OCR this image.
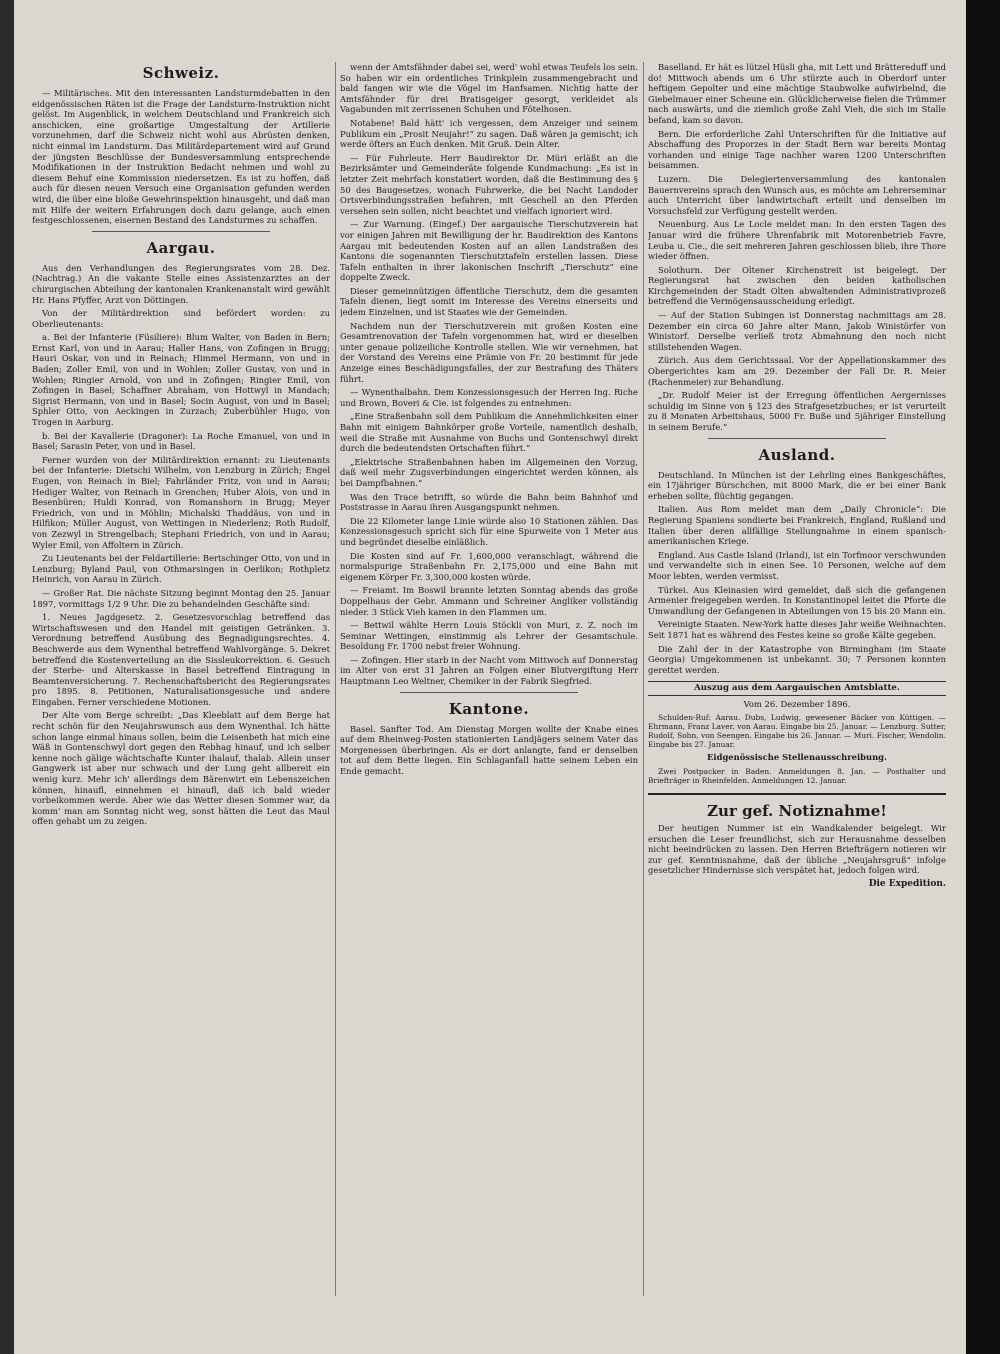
Schweiz.

— Militärisches. Mit den interessanten Landsturmdebatten in den eidgenössischen Räten ist die Frage der Landsturm-Instruktion nicht gelöst. Im Augenblick, in welchem Deutschland und Frankreich sich anschicken, eine großartige Umgestaltung der Artillerie vorzunehmen, darf die Schweiz nicht wohl aus Abrüsten denken, nicht einmal im Landsturm. Das Militärdepartement wird auf Grund der jüngsten Beschlüsse der Bundesversammlung entsprechende Modifikationen in der Instruktion Bedacht nehmen und wohl zu diesem Behuf eine Kommission niedersetzen. Es ist zu hoffen, daß auch für diesen neuen Versuch eine Organisation gefunden werden wird, die über eine bloße Gewehrinspektion hinausgeht, und daß man mit Hilfe der weitern Erfahrungen doch dazu gelange, auch einen festgeschlossenen, eisernen Bestand des Landsturmes zu schaffen.

Aargau.

Aus den Verhandlungen des Regierungsrates vom 28. Dez. (Nachtrag.) An die vakante Stelle eines Assistenzarztes an der chirurgischen Abteilung der kantonalen Krankenanstalt wird gewählt Hr. Hans Pfyffer, Arzt von Döttingen.

Von der Militärdirektion sind befördert worden: zu Oberlieutenants:

a. Bei der Infanterie (Füsiliere): Blum Walter, von Baden in Bern; Ernst Karl, von und in Aarau; Haller Hans, von Zofingen in Brugg; Hauri Oskar, von und in Reinach; Himmel Hermann, von und in Baden; Zoller Emil, von und in Wohlen; Zoller Gustav, von und in Wohlen; Ringier Arnold, von und in Zofingen; Ringier Emil, von Zofingen in Basel; Schaffner Abraham, von Hottwyl in Mandach; Sigrist Hermann, von und in Basel; Socin August, von und in Basel; Sphler Otto, von Aeckingen in Zurzach; Zuberbühler Hugo, von Trogen in Aarburg.

b. Bei der Kavallerie (Dragoner): La Roche Emanuel, von und in Basel; Sarasin Peter, von und in Basel.

Ferner wurden von der Militärdirektion ernannt: zu Lieutenants bei der Infanterie: Dietschi Wilhelm, von Lenzburg in Zürich; Engel Eugen, von Reinach in Biel; Fahrländer Fritz, von und in Aarau; Hediger Walter, von Reinach in Grenchen; Huber Alois, von und in Besenbüren; Huldi Konrad, von Romanshorn in Brugg; Meyer Friedrich, von und in Möhlin; Michalski Thaddäus, von und in Hilfikon; Müller August, von Wettingen in Niederlenz; Roth Rudolf, von Zezwyl in Strengelbach; Stephani Friedrich, von und in Aarau; Wyler Emil, von Affoltern in Zürich.

Zu Lieutenants bei der Feldartillerie: Bertschinger Otto, von und in Lenzburg; Byland Paul, von Othmarsingen in Oerlikon; Rothpletz Heinrich, von Aarau in Zürich.

— Großer Rat. Die nächste Sitzung beginnt Montag den 25. Januar 1897, vormittags 1/2 9 Uhr. Die zu behandelnden Geschäfte sind:

1. Neues Jagdgesetz. 2. Gesetzesvorschlag betreffend das Wirtschaftswesen und den Handel mit geistigen Getränken. 3. Verordnung betreffend Ausübung des Begnadigungsrechtes. 4. Beschwerde aus dem Wynenthal betreffend Wahlvorgänge. 5. Dekret betreffend die Kostenverteilung an die Sissleukorrektion. 6. Gesuch der Sterbe- und Alterskasse in Basel betreffend Eintragung in Beamtenversicherung. 7. Rechenschaftsbericht des Regierungsrates pro 1895. 8. Petitionen, Naturalisationsgesuche und andere Eingaben. Ferner verschiedene Motionen.

Der Alte vom Berge schreibt: „Das Kleeblatt auf dem Berge hat recht schön für den Neujahrswunsch aus dem Wynenthal. Ich hätte schon lange einmal hinaus sollen, beim die Leisenbeth hat mich eine Wäß in Gontenschwyl dort gegen den Rebhag hinauf, und ich selber kenne noch gälige wächtschafte Kunter ihalauf, thalab. Allein unser Gangwerk ist aber nur schwach und der Lung geht allbereit ein wenig kurz. Mehr ich' allerdings dem Bärenwirt ein Lebenszeichen können, hinaufl, einnehmen ei hinaufl, daß ich bald wieder vorbeikommen werde. Aber wie das Wetter diesen Sommer war, da komm' man am Sonntag nicht weg, sonst hätten die Leut das Maul offen gehabt um zu zeigen.

wenn der Amtsfähnder dabei sei, werd' wohl etwas Teufels los sein. So haben wir ein ordentliches Trinkplein zusammengebracht und bald fangen wir wie die Vögel im Hanfsamen. Nichtig hatte der Amtsfähnder für drei Bratisgeiger gesorgt, verkleidet als Vagabunden mit zerrissenen Schuhen und Fötelhosen.

Notabene! Bald hätt' ich vergessen, dem Anzeiger und seinem Publikum ein „Prosit Neujahr!“ zu sagen. Daß wären ja gemischt; ich werde öfters an Euch denken. Mit Gruß. Dein Alter.

— Für Fuhrleute. Herr Baudirektor Dr. Müri erläßt an die Bezirksämter und Gemeinderäte folgende Kundmachung: „Es ist in letzter Zeit mehrfach konstatiert worden, daß die Bestimmung des § 50 des Baugesetzes, wonach Fuhrwerke, die bei Nacht Landoder Ortsverbindungsstraßen befahren, mit Geschell an den Pferden versehen sein sollen, nicht beachtet und vielfach ignoriert wird.

— Zur Warnung. (Eingef.) Der aargauische Tierschutzverein hat vor einigen Jahren mit Bewilligung der hr. Baudirektion des Kantons Aargau mit bedeutenden Kosten auf an allen Landstraßen des Kantons die sogenannten Tierschutztafeln erstellen lassen. Diese Tafeln enthalten in ihrer lakonischen Inschrift „Tierschutz“ eine doppelte Zweck.

Dieser gemeinnützigen öffentliche Tierschutz, dem die gesamten Tafeln dienen, liegt somit im Interesse des Vereins einerseits und jedem Einzelnen, und ist Staates wie der Gemeinden.

Nachdem nun der Tierschutzverein mit großen Kosten eine Gesamtrenovation der Tafeln vorgenommen hat, wird er dieselben unter genaue polizeiliche Kontrolle stellen. Wie wir vernehmen, hat der Vorstand des Vereins eine Prämie von Fr. 20 bestimmt für jede Anzeige eines Beschädigungsfalles, der zur Bestrafung des Thäters führt.

— Wynenthalbahn. Dem Konzessionsgesuch der Herren Ing. Riche und Brown, Boveri & Cie. ist folgendes zu entnehmen:

„Eine Straßenbahn soll dem Publikum die Annehmlichkeiten einer Bahn mit einigem Bahnkörper große Vorteile, namentlich deshalb, weil die Straße mit Ausnahme von Buchs und Gontenschwyl direkt durch die bedeutendsten Ortschaften führt.“

„Elektrische Straßenbahnen haben im Allgemeinen den Vorzug, daß weil mehr Zugsverbindungen eingerichtet werden können, als bei Dampfbahnen.“

Was den Trace betrifft, so würde die Bahn beim Bahnhof und Poststrasse in Aarau ihren Ausgangspunkt nehmen.

Die 22 Kilometer lange Linie würde also 10 Stationen zählen. Das Konzessionsgesuch spricht sich für eine Spurweite von 1 Meter aus und begründet dieselbe einläßlich.

Die Kosten sind auf Fr. 1,600,000 veranschlagt, während die normalspurige Straßenbahn Fr. 2,175,000 und eine Bahn mit eigenem Körper Fr. 3,300,000 kosten würde.

— Freiamt. Im Boswil brannte letzten Sonntag abends das große Doppelhaus der Gebr. Ammann und Schreiner Angliker vollständig nieder. 3 Stück Vieh kamen in den Flammen um.

— Bettwil wählte Herrn Louis Stöckli von Muri, z. Z. noch im Seminar Wettingen, einstimmig als Lehrer der Gesamtschule. Besoldung Fr. 1700 nebst freier Wohnung.

— Zofingen. Hier starb in der Nacht vom Mittwoch auf Donnerstag im Alter von erst 31 Jahren an Folgen einer Blutvergiftung Herr Hauptmann Leo Weltner, Chemiker in der Fabrik Siegfried.

Kantone.

Basel. Sanfter Tod. Am Dienstag Morgen wollte der Knabe eines auf dem Rheinweg-Posten stationierten Landjägers seinem Vater das Morgenessen überbringen. Als er dort anlangte, fand er denselben tot auf dem Bette liegen. Ein Schlaganfall hatte seinem Leben ein Ende gemacht.

Baselland. Er hät es lützel Hüsli gha, mit Lett und Brättereduff und do! Mittwoch abends um 6 Uhr stürzte auch in Oberdorf unter heftigem Gepolter und eine mächtige Staubwolke aufwirbelnd, die Giebelmauer einer Scheune ein. Glücklicherweise fielen die Trümmer nach auswärts, und die ziemlich große Zahl Vieh, die sich im Stalle befand, kam so davon.

Bern. Die erforderliche Zahl Unterschriften für die Initiative auf Abschaffung des Proporzes in der Stadt Bern war bereits Montag vorhanden und einige Tage nachher waren 1200 Unterschriften beisammen.

Luzern. Die Delegiertenversammlung des kantonalen Bauernvereins sprach den Wunsch aus, es möchte am Lehrerseminar auch Unterricht über landwirtschaft erteilt und denselben im Vorsuchsfeld zur Verfügung gestellt werden.

Neuenburg. Aus Le Locle meldet man: In den ersten Tagen des Januar wird die frühere Uhrenfabrik mit Motorenbetrieb Favre, Leuba u. Cie., die seit mehreren Jahren geschlossen blieb, ihre Thore wieder öffnen.

Solothurn. Der Oltener Kirchenstreit ist beigelegt. Der Regierungsrat hat zwischen den beiden katholischen Kirchgemeinden der Stadt Olten abwaltenden Administrativprozeß betreffend die Vermögensausscheidung erledigt.

— Auf der Station Subingen ist Donnerstag nachmittags am 28. Dezember ein circa 60 Jahre alter Mann, Jakob Winistörfer von Winistorf. Derselbe verließ trotz Abmahnung den noch nicht stillstehenden Wagen.

Zürich. Aus dem Gerichtssaal. Vor der Appellationskammer des Obergerichtes kam am 29. Dezember der Fall Dr. R. Meier (Rachenmeier) zur Behandlung.

„Dr. Rudolf Meier ist der Erregung öffentlichen Aergernisses schuldig im Sinne von § 123 des Strafgesetzbuches; er ist verurteilt zu 8 Monaten Arbeitshaus, 5000 Fr. Buße und 5jähriger Einstellung in seinem Berufe.“

Ausland.

Deutschland. In München ist der Lehrling eines Bankgeschäftes, ein 17jähriger Bürschchen, mit 8000 Mark, die er bei einer Bank erheben sollte, flüchtig gegangen.

Italien. Aus Rom meldet man dem „Daily Chronicle“: Die Regierung Spaniens sondierte bei Frankreich, England, Rußland und Italien über deren allfällige Stellungnahme in einem spanisch-amerikanischen Kriege.

England. Aus Castle Island (Irland), ist ein Torfmoor verschwunden und verwandelte sich in einen See. 10 Personen, welche auf dem Moor lebten, werden vermisst.

Türkei. Aus Kleinasien wird gemeldet, daß sich die gefangenen Armenier freigegeben werden. In Konstantinopel leitet die Pforte die Umwandlung der Gefangenen in Abteilungen von 15 bis 20 Mann ein.

Vereinigte Staaten. New-York hatte dieses Jahr weiße Weihnachten. Seit 1871 hat es während des Festes keine so große Kälte gegeben.

Die Zahl der in der Katastrophe von Birmingham (im Staate Georgia) Umgekommenen ist unbekannt. 30; 7 Personen konnten gerettet werden.

Auszug aus dem Aargauischen Amtsblatte.
Vom 26. Dezember 1896.

Schulden-Ruf: Aarau. Dubs, Ludwig, gewesener Bäcker von Küttigen. — Ehrmann, Franz Laver, von Aarau. Eingabe bis 25. Januar. — Lenzburg. Sutter, Rudolf, Sohn, von Seengen. Eingabe bis 26. Januar. — Muri. Fischer, Wendolin. Eingabe bis 27. Januar.

Eidgenössische Stellenausschreibung.

Zwei Postpacker in Baden. Anmeldungen 8. Jan. — Posthalter und Briefträger in Rheinfelden. Anmeldungen 12. Januar.

Zur gef. Notiznahme!

Der heutigen Nummer ist ein Wandkalender beigelegt. Wir ersuchen die Leser freundlichst, sich zur Herausnahme desselben nicht beeindrücken zu lassen. Den Herren Briefträgern notieren wir zur gef. Kenntnisnahme, daß der übliche „Neujahrsgruß“ infolge gesetzlicher Hindernisse sich verspätet hat, jedoch folgen wird.

Die Expedition.
